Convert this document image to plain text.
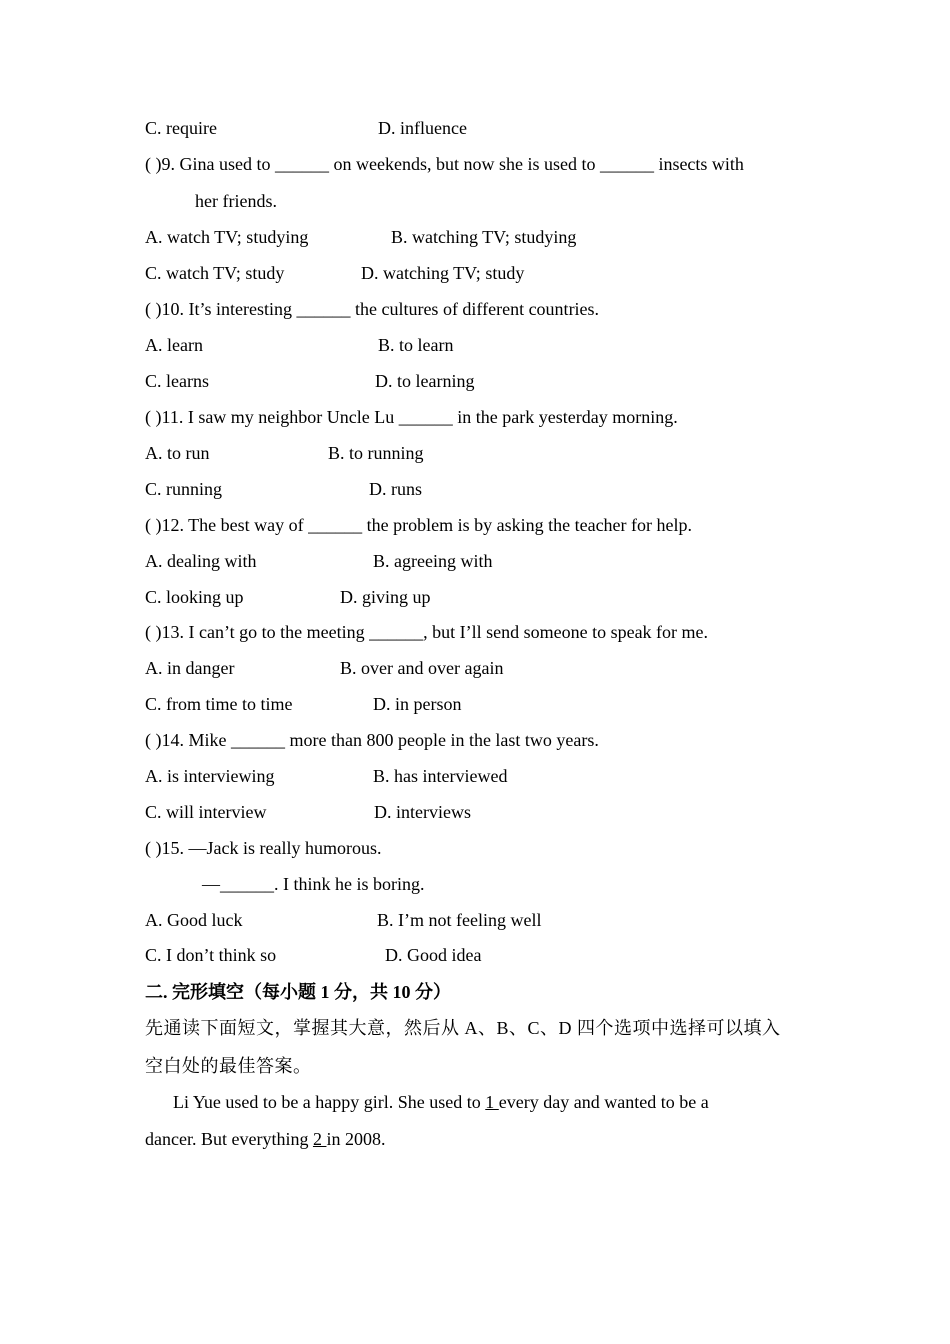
C. require	D. influence
( )9. Gina used to ______ on weekends, but now she is used to ______ insects with
her friends.
A. watch TV; studying	B. watching TV; studying
C. watch TV; study	D. watching TV; study
( )10. It’s interesting ______ the cultures of different countries.
A. learn	B. to learn
C. learns	D. to learning
( )11. I saw my neighbor Uncle Lu ______ in the park yesterday morning.
A. to run	B. to running
C. running	D. runs
( )12. The best way of ______ the problem is by asking the teacher for help.
A. dealing with	B. agreeing with
C. looking up	D. giving up
( )13. I can’t go to the meeting ______, but I’ll send someone to speak for me.
A. in danger	B. over and over again
C. from time to time	D. in person
( )14. Mike ______ more than 800 people in the last two years.
A. is interviewing	B. has interviewed
C. will interview	D. interviews
( )15. —Jack is really humorous.
—______. I think he is boring.
A. Good luck	B. I’m not feeling well
C. I don’t think so	D. Good idea
二. 完形填空（每小题 1 分，共 10 分）
先通读下面短文，掌握其大意，然后从 A、B、C、D 四个选项中选择可以填入
空白处的最佳答案。
Li Yue used to be a happy girl. She used to 1 every day and wanted to be a
dancer. But everything 2 in 2008.
